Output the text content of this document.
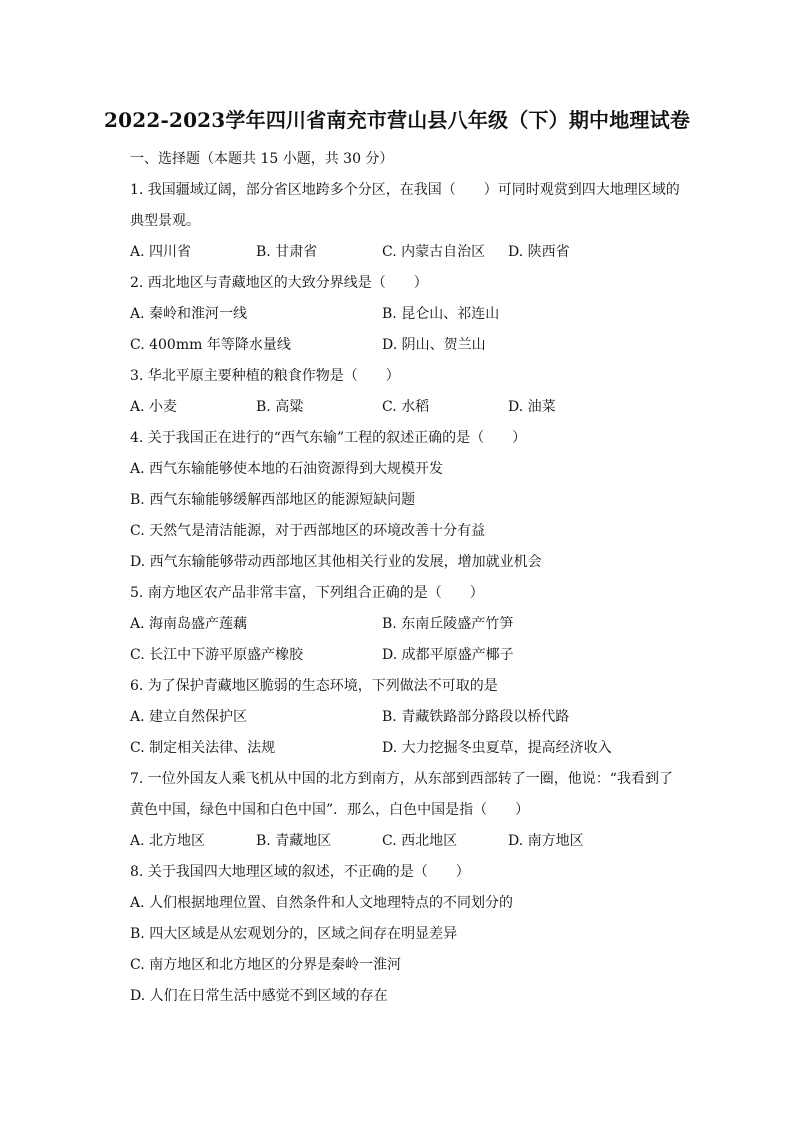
2022-2023学年四川省南充市营山县八年级（下）期中地理试卷
一、选择题（本题共 15 小题，共 30 分）
1. 我国疆域辽阔，部分省区地跨多个分区，在我国（　　）可同时观赏到四大地理区域的
典型景观。
A. 四川省	B. 甘肃省	C. 内蒙古自治区 D. 陕西省
2. 西北地区与青藏地区的大致分界线是（　　）
A. 秦岭和淮河一线	B. 昆仑山、祁连山
C. 400mm 年等降水量线	D. 阴山、贺兰山
3. 华北平原主要种植的粮食作物是（　　）
A. 小麦	B. 高粱	C. 水稻	D. 油菜
4. 关于我国正在进行的“西气东输”工程的叙述正确的是（　　）
A. 西气东输能够使本地的石油资源得到大规模开发
B. 西气东输能够缓解西部地区的能源短缺问题
C. 天然气是清洁能源，对于西部地区的环境改善十分有益
D. 西气东输能够带动西部地区其他相关行业的发展，增加就业机会
5. 南方地区农产品非常丰富，下列组合正确的是（　　）
A. 海南岛盛产莲藕	B. 东南丘陵盛产竹笋
C. 长江中下游平原盛产橡胶	D. 成都平原盛产椰子
6. 为了保护青藏地区脆弱的生态环境，下列做法不可取的是
A. 建立自然保护区	B. 青藏铁路部分路段以桥代路
C. 制定相关法律、法规	D. 大力挖掘冬虫夏草，提高经济收入
7. 一位外国友人乘飞机从中国的北方到南方，从东部到西部转了一圈，他说：“我看到了
黄色中国，绿色中国和白色中国”．那么，白色中国是指（　　）
A. 北方地区	B. 青藏地区	C. 西北地区	D. 南方地区
8. 关于我国四大地理区域的叙述，不正确的是（　　）
A. 人们根据地理位置、自然条件和人文地理特点的不同划分的
B. 四大区域是从宏观划分的，区域之间存在明显差异
C. 南方地区和北方地区的分界是秦岭一淮河
D. 人们在日常生活中感觉不到区域的存在
